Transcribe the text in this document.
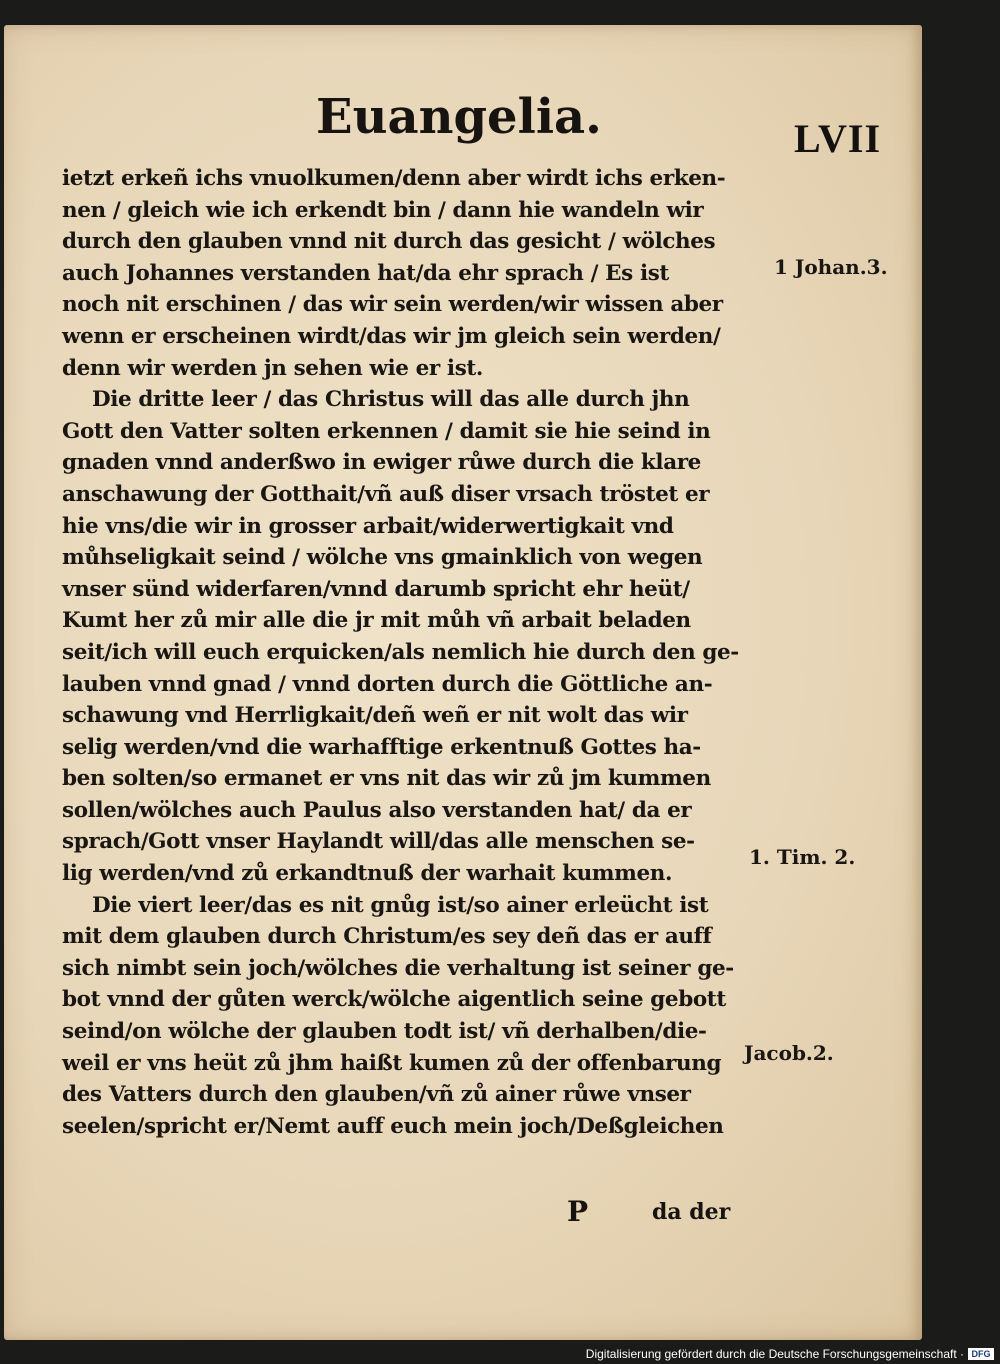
Euangelia.	LVII
ietzt erkeñ ichs vnuolkumen/denn aber wirdt ichs erken-
nen / gleich wie ich erkendt bin / dann hie wandeln wir
durch den glauben vnnd nit durch das gesicht / wölches
auch Johannes verstanden hat/da ehr sprach / Es ist
noch nit erschinen / das wir sein werden/wir wissen aber
wenn er erscheinen wirdt/das wir jm gleich sein werden/
denn wir werden jn sehen wie er ist.
Die dritte leer / das Christus will das alle durch jhn
Gott den Vatter solten erkennen / damit sie hie seind in
gnaden vnnd anderßwo in ewiger růwe durch die klare
anschawung der Gotthait/vñ auß diser vrsach tröstet er
hie vns/die wir in grosser arbait/widerwertigkait vnd
můhseligkait seind / wölche vns gmainklich von wegen
vnser sünd widerfaren/vnnd darumb spricht ehr heüt/
Kumt her zů mir alle die jr mit můh vñ arbait beladen
seit/ich will euch erquicken/als nemlich hie durch den ge-
lauben vnnd gnad / vnnd dorten durch die Göttliche an-
schawung vnd Herrligkait/deñ weñ er nit wolt das wir
selig werden/vnd die warhafftige erkentnuß Gottes ha-
ben solten/so ermanet er vns nit das wir zů jm kummen
sollen/wölches auch Paulus also verstanden hat/ da er
sprach/Gott vnser Haylandt will/das alle menschen se-
lig werden/vnd zů erkandtnuß der warhait kummen.
Die viert leer/das es nit gnůg ist/so ainer erleücht ist
mit dem glauben durch Christum/es sey deñ das er auff
sich nimbt sein joch/wölches die verhaltung ist seiner ge-
bot vnnd der gůten werck/wölche aigentlich seine gebott
seind/on wölche der glauben todt ist/ vñ derhalben/die-
weil er vns heüt zů jhm haißt kumen zů der offenbarung
des Vatters durch den glauben/vñ zů ainer růwe vnser
seelen/spricht er/Nemt auff euch mein joch/Deßgleichen
1 Johan.3.
1. Tim. 2.
Jacob.2.
P	da der
Digitalisierung gefördert durch die Deutsche Forschungsgemeinschaft · DFG
